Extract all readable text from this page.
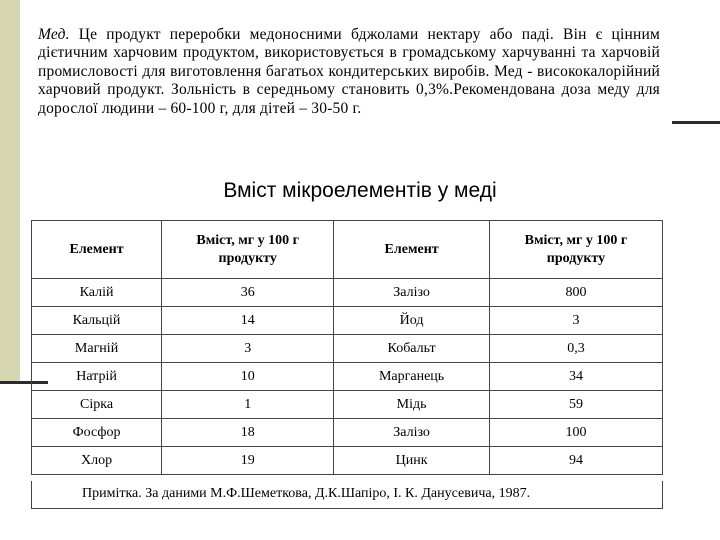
Мед. Це продукт переробки медоносними бджолами нектару або паді. Він є цінним дієтичним харчовим продуктом, використовується в громадському харчуванні та харчовій промисловості для виготовлення багатьох кондитерських виробів. Мед - висококалорійний харчовий продукт. Зольність в середньому становить 0,3%.Рекомендована доза меду для дорослої людини – 60-100 г, для дітей – 30-50 г.
Вміст мікроелементів у меді
Елемент	Вміст, мг у 100 г продукту	Елемент	Вміст, мг у 100 г продукту
Калій	36	Залізо	800
Кальцій	14	Йод	3
Магній	3	Кобальт	0,3
Натрій	10	Марганець	34
Сірка	1	Мідь	59
Фосфор	18	Залізо	100
Хлор	19	Цинк	94
Примітка. За даними М.Ф.Шеметкова, Д.К.Шапіро, І. К. Данусевича, 1987.
